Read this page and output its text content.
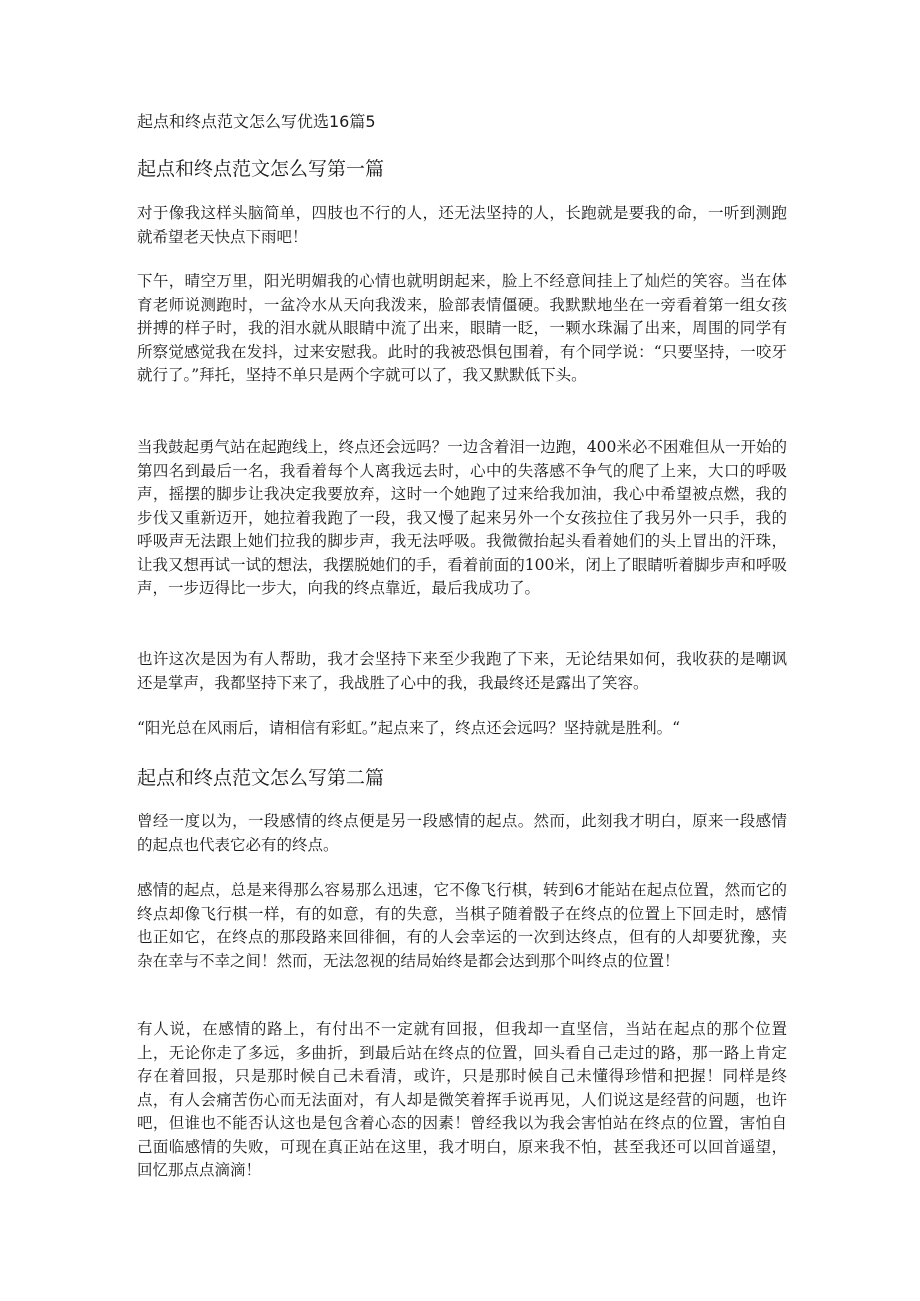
起点和终点范文怎么写优选16篇5
起点和终点范文怎么写第一篇

对于像我这样头脑简单，四肢也不行的人，还无法坚持的人，长跑就是要我的命，一听到测跑就希望老天快点下雨吧！

下午，晴空万里，阳光明媚我的心情也就明朗起来，脸上不经意间挂上了灿烂的笑容。当在体育老师说测跑时，一盆冷水从天向我泼来，脸部表情僵硬。我默默地坐在一旁看着第一组女孩拼搏的样子时，我的泪水就从眼睛中流了出来，眼睛一眨，一颗水珠漏了出来，周围的同学有所察觉感觉我在发抖，过来安慰我。此时的我被恐惧包围着，有个同学说：“只要坚持，一咬牙就行了。”拜托，坚持不单只是两个字就可以了，我又默默低下头。

当我鼓起勇气站在起跑线上，终点还会远吗？一边含着泪一边跑，400米必不困难但从一开始的第四名到最后一名，我看着每个人离我远去时，心中的失落感不争气的爬了上来，大口的呼吸声，摇摆的脚步让我决定我要放弃，这时一个她跑了过来给我加油，我心中希望被点燃，我的步伐又重新迈开，她拉着我跑了一段，我又慢了起来另外一个女孩拉住了我另外一只手，我的呼吸声无法跟上她们拉我的脚步声，我无法呼吸。我微微抬起头看着她们的头上冒出的汗珠，让我又想再试一试的想法，我摆脱她们的手，看着前面的100米，闭上了眼睛听着脚步声和呼吸声，一步迈得比一步大，向我的终点靠近，最后我成功了。

也许这次是因为有人帮助，我才会坚持下来至少我跑了下来，无论结果如何，我收获的是嘲讽还是掌声，我都坚持下来了，我战胜了心中的我，我最终还是露出了笑容。

“阳光总在风雨后，请相信有彩虹。”起点来了，终点还会远吗？坚持就是胜利。“

起点和终点范文怎么写第二篇

曾经一度以为，一段感情的终点便是另一段感情的起点。然而，此刻我才明白，原来一段感情的起点也代表它必有的终点。

感情的起点，总是来得那么容易那么迅速，它不像飞行棋，转到6才能站在起点位置，然而它的终点却像飞行棋一样，有的如意，有的失意，当棋子随着骰子在终点的位置上下回走时，感情也正如它，在终点的那段路来回徘徊，有的人会幸运的一次到达终点，但有的人却要犹豫，夹杂在幸与不幸之间！然而，无法忽视的结局始终是都会达到那个叫终点的位置！

有人说，在感情的路上，有付出不一定就有回报，但我却一直坚信，当站在起点的那个位置上，无论你走了多远，多曲折，到最后站在终点的位置，回头看自己走过的路，那一路上肯定存在着回报，只是那时候自己未看清，或许，只是那时候自己未懂得珍惜和把握！同样是终点，有人会痛苦伤心而无法面对，有人却是微笑着挥手说再见，人们说这是经营的问题，也许吧，但谁也不能否认这也是包含着心态的因素！曾经我以为我会害怕站在终点的位置，害怕自己面临感情的失败，可现在真正站在这里，我才明白，原来我不怕，甚至我还可以回首遥望，回忆那点点滴滴！
